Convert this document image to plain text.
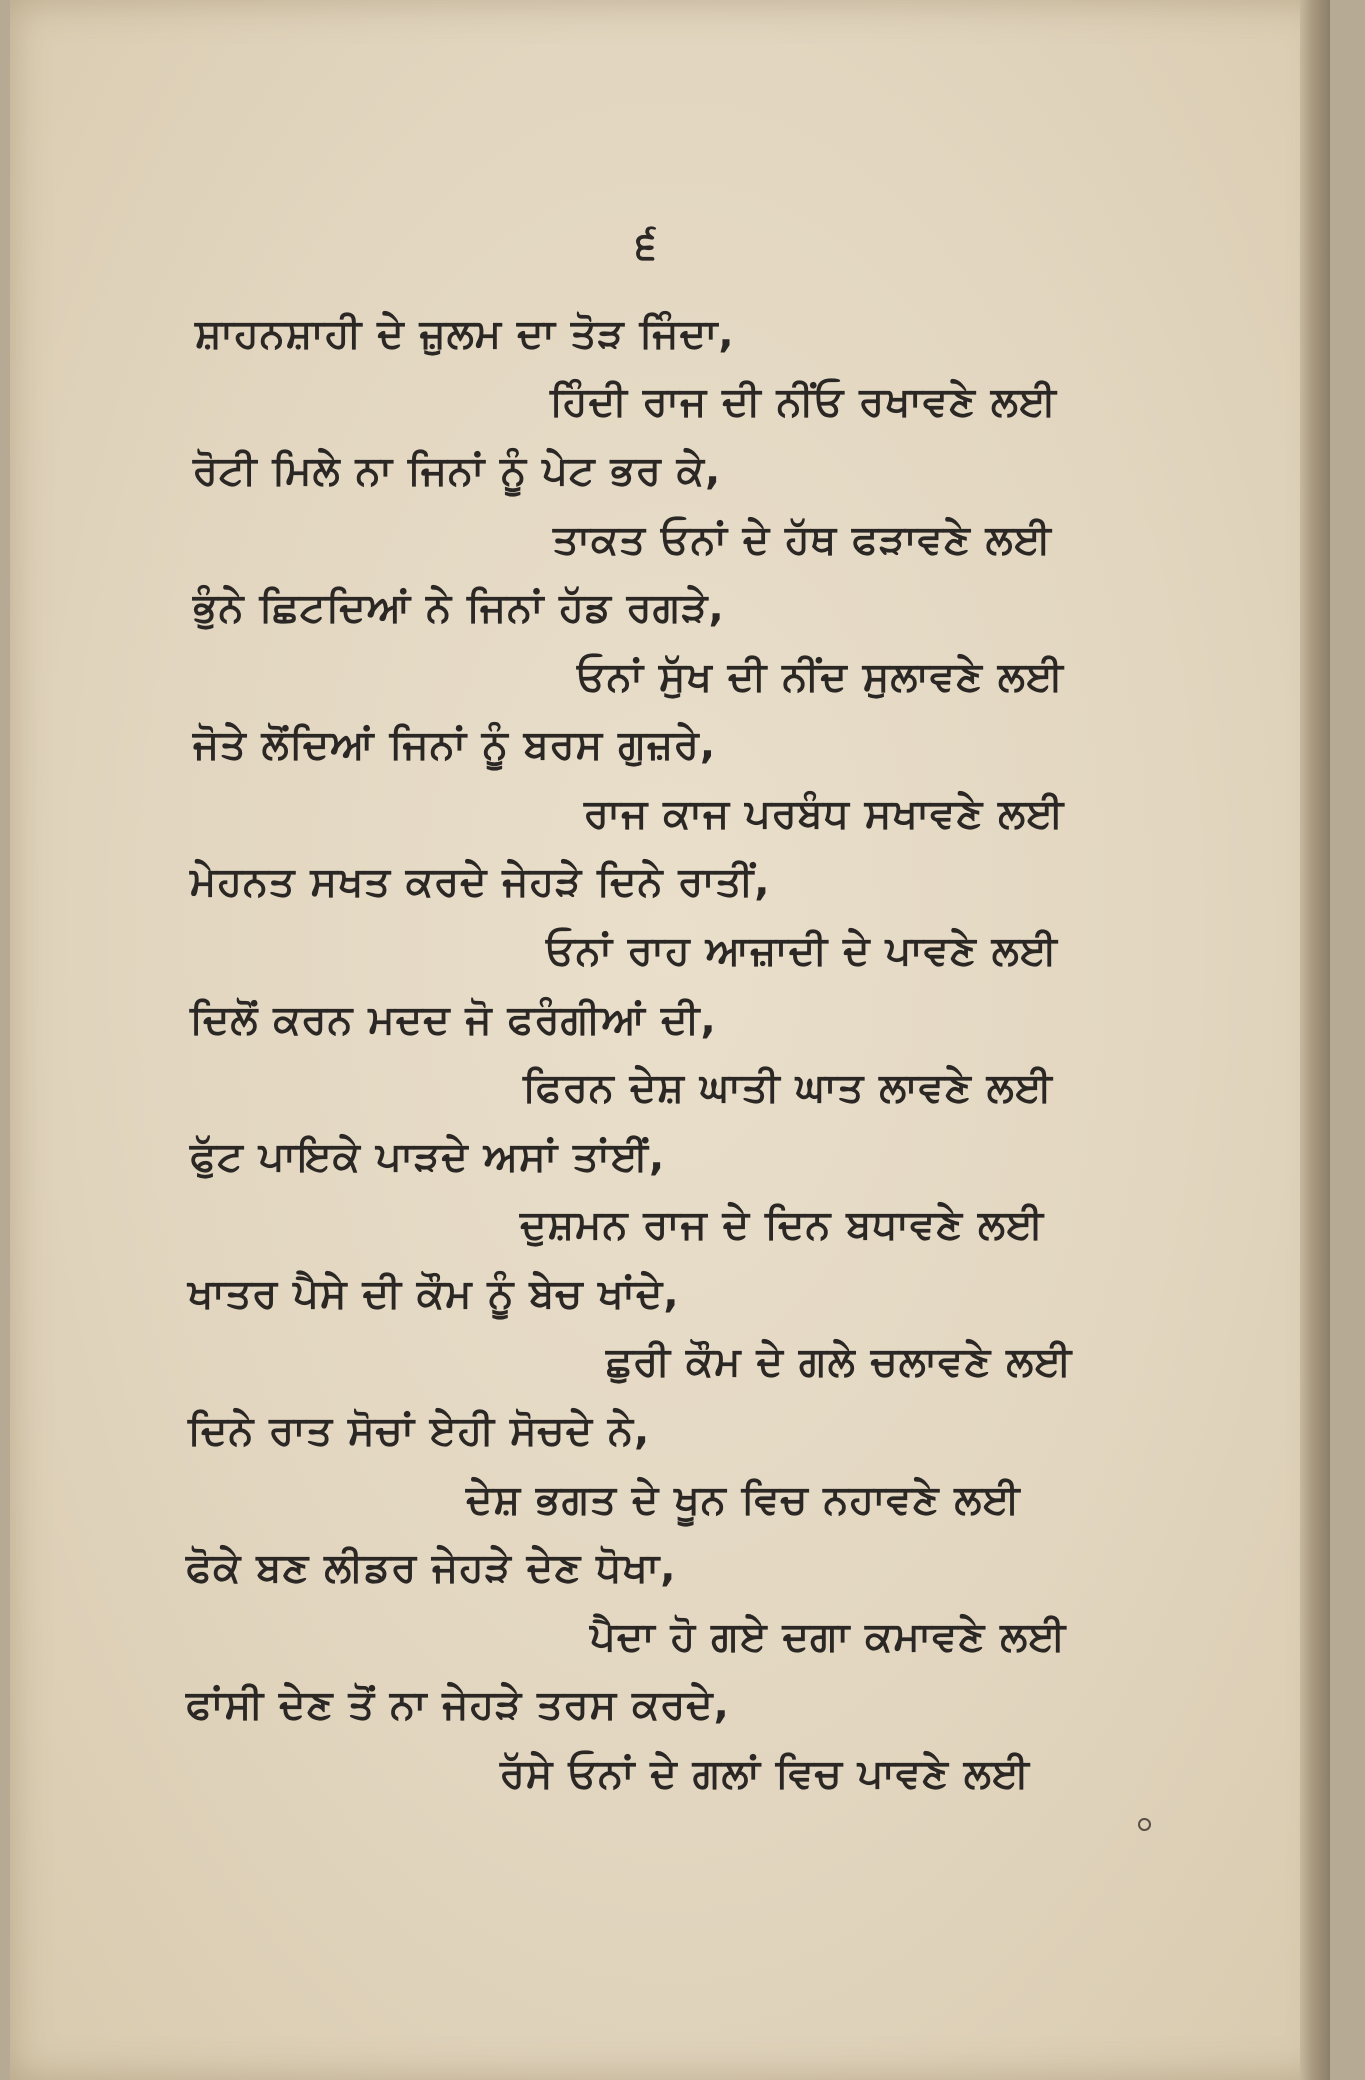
੬

ਸ਼ਾਹਨਸ਼ਾਹੀ ਦੇ ਜ਼ੁਲਮ ਦਾ ਤੋੜ ਜਿੰਦਾ,

ਹਿੰਦੀ ਰਾਜ ਦੀ ਨੀਂਓ ਰਖਾਵਣੇ ਲਈ

ਰੋਟੀ ਮਿਲੇ ਨਾ ਜਿਨਾਂ ਨੂੰ ਪੇਟ ਭਰ ਕੇ,

ਤਾਕਤ ਓਨਾਂ ਦੇ ਹੱਥ ਫੜਾਵਣੇ ਲਈ

ਭੁੰਨੇ ਛਿਟਦਿਆਂ ਨੇ ਜਿਨਾਂ ਹੱਡ ਰਗੜੇ,

ਓਨਾਂ ਸੁੱਖ ਦੀ ਨੀਂਦ ਸੁਲਾਵਣੇ ਲਈ

ਜੋਤੇ ਲੋਂਦਿਆਂ ਜਿਨਾਂ ਨੂੰ ਬਰਸ ਗੁਜ਼ਰੇ,

ਰਾਜ ਕਾਜ ਪਰਬੰਧ ਸਖਾਵਣੇ ਲਈ

ਮੇਹਨਤ ਸਖਤ ਕਰਦੇ ਜੇਹੜੇ ਦਿਨੇ ਰਾਤੀਂ,

ਓਨਾਂ ਰਾਹ ਆਜ਼ਾਦੀ ਦੇ ਪਾਵਣੇ ਲਈ

ਦਿਲੋਂ ਕਰਨ ਮਦਦ ਜੋ ਫਰੰਗੀਆਂ ਦੀ,

ਫਿਰਨ ਦੇਸ਼ ਘਾਤੀ ਘਾਤ ਲਾਵਣੇ ਲਈ

ਫੁੱਟ ਪਾਇਕੇ ਪਾੜਦੇ ਅਸਾਂ ਤਾਂਈਂ,

ਦੁਸ਼ਮਨ ਰਾਜ ਦੇ ਦਿਨ ਬਧਾਵਣੇ ਲਈ

ਖਾਤਰ ਪੈਸੇ ਦੀ ਕੌਮ ਨੂੰ ਬੇਚ ਖਾਂਦੇ,

ਛੁਰੀ ਕੌਮ ਦੇ ਗਲੇ ਚਲਾਵਣੇ ਲਈ

ਦਿਨੇ ਰਾਤ ਸੋਚਾਂ ਏਹੀ ਸੋਚਦੇ ਨੇ,

ਦੇਸ਼ ਭਗਤ ਦੇ ਖੂਨ ਵਿਚ ਨਹਾਵਣੇ ਲਈ

ਫੋਕੇ ਬਣ ਲੀਡਰ ਜੇਹੜੇ ਦੇਣ ਧੋਖਾ,

ਪੈਦਾ ਹੋ ਗਏ ਦਗਾ ਕਮਾਵਣੇ ਲਈ

ਫਾਂਸੀ ਦੇਣ ਤੋਂ ਨਾ ਜੇਹੜੇ ਤਰਸ ਕਰਦੇ,

ਰੱਸੇ ਓਨਾਂ ਦੇ ਗਲਾਂ ਵਿਚ ਪਾਵਣੇ ਲਈ
